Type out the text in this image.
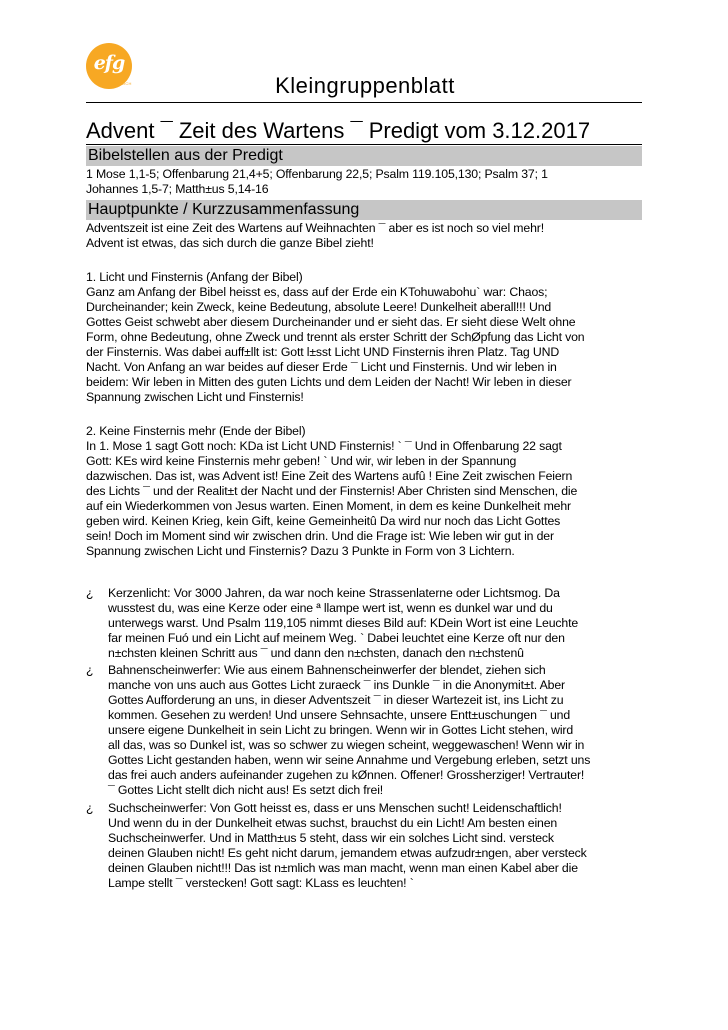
efg
WIESLOCH	Kleingruppenblatt
Advent ¯ Zeit des Wartens ¯ Predigt vom 3.12.2017
Bibelstellen aus der Predigt
1 Mose 1,1-5; Offenbarung 21,4+5; Offenbarung 22,5; Psalm 119.105,130; Psalm 37; 1
Johannes 1,5-7; Matth±us 5,14-16
Hauptpunkte / Kurzzusammenfassung
Adventszeit ist eine Zeit des Wartens auf Weihnachten ¯ aber es ist noch so viel mehr!
Advent ist etwas, das sich durch die ganze Bibel zieht!
1. Licht und Finsternis (Anfang der Bibel)
Ganz am Anfang der Bibel heisst es, dass auf der Erde ein KTohuwabohu` war: Chaos;
Durcheinander; kein Zweck, keine Bedeutung, absolute Leere! Dunkelheit aberall!!! Und
Gottes Geist schwebt aber diesem Durcheinander und er sieht das. Er sieht diese Welt ohne
Form, ohne Bedeutung, ohne Zweck und trennt als erster Schritt der SchØpfung das Licht von
der Finsternis. Was dabei auff±llt ist: Gott l±sst Licht UND Finsternis ihren Platz. Tag UND
Nacht. Von Anfang an war beides auf dieser Erde ¯ Licht und Finsternis. Und wir leben in
beidem: Wir leben in Mitten des guten Lichts und dem Leiden der Nacht! Wir leben in dieser
Spannung zwischen Licht und Finsternis!
2. Keine Finsternis mehr (Ende der Bibel)
In 1. Mose 1 sagt Gott noch: KDa ist Licht UND Finsternis! ` ¯ Und in Offenbarung 22 sagt
Gott: KEs wird keine Finsternis mehr geben! ` Und wir, wir leben in der Spannung
dazwischen. Das ist, was Advent ist! Eine Zeit des Wartens aufû ! Eine Zeit zwischen Feiern
des Lichts ¯ und der Realit±t der Nacht und der Finsternis! Aber Christen sind Menschen, die
auf ein Wiederkommen von Jesus warten. Einen Moment, in dem es keine Dunkelheit mehr
geben wird. Keinen Krieg, kein Gift, keine Gemeinheitû Da wird nur noch das Licht Gottes
sein! Doch im Moment sind wir zwischen drin. Und die Frage ist: Wie leben wir gut in der
Spannung zwischen Licht und Finsternis? Dazu 3 Punkte in Form von 3 Lichtern.
¿ Kerzenlicht: Vor 3000 Jahren, da war noch keine Strassenlaterne oder Lichtsmog. Da
wusstest du, was eine Kerze oder eine ª llampe wert ist, wenn es dunkel war und du
unterwegs warst. Und Psalm 119,105 nimmt dieses Bild auf: KDein Wort ist eine Leuchte
far meinen Fuó und ein Licht auf meinem Weg. ` Dabei leuchtet eine Kerze oft nur den
n±chsten kleinen Schritt aus ¯ und dann den n±chsten, danach den n±chstenû
¿ Bahnenscheinwerfer: Wie aus einem Bahnenscheinwerfer der blendet, ziehen sich
manche von uns auch aus Gottes Licht zuraeck ¯ ins Dunkle ¯ in die Anonymit±t. Aber
Gottes Aufforderung an uns, in dieser Adventszeit ¯ in dieser Wartezeit ist, ins Licht zu
kommen. Gesehen zu werden! Und unsere Sehnsachte, unsere Entt±uschungen ¯ und
unsere eigene Dunkelheit in sein Licht zu bringen. Wenn wir in Gottes Licht stehen, wird
all das, was so Dunkel ist, was so schwer zu wiegen scheint, weggewaschen! Wenn wir in
Gottes Licht gestanden haben, wenn wir seine Annahme und Vergebung erleben, setzt uns
das frei auch anders aufeinander zugehen zu kØnnen. Offener! Grossherziger! Vertrauter!
¯ Gottes Licht stellt dich nicht aus! Es setzt dich frei!
¿ Suchscheinwerfer: Von Gott heisst es, dass er uns Menschen sucht! Leidenschaftlich!
Und wenn du in der Dunkelheit etwas suchst, brauchst du ein Licht! Am besten einen
Suchscheinwerfer. Und in Matth±us 5 steht, dass wir ein solches Licht sind. versteck
deinen Glauben nicht! Es geht nicht darum, jemandem etwas aufzudr±ngen, aber versteck
deinen Glauben nicht!!! Das ist n±mlich was man macht, wenn man einen Kabel aber die
Lampe stellt ¯ verstecken! Gott sagt: KLass es leuchten! `
